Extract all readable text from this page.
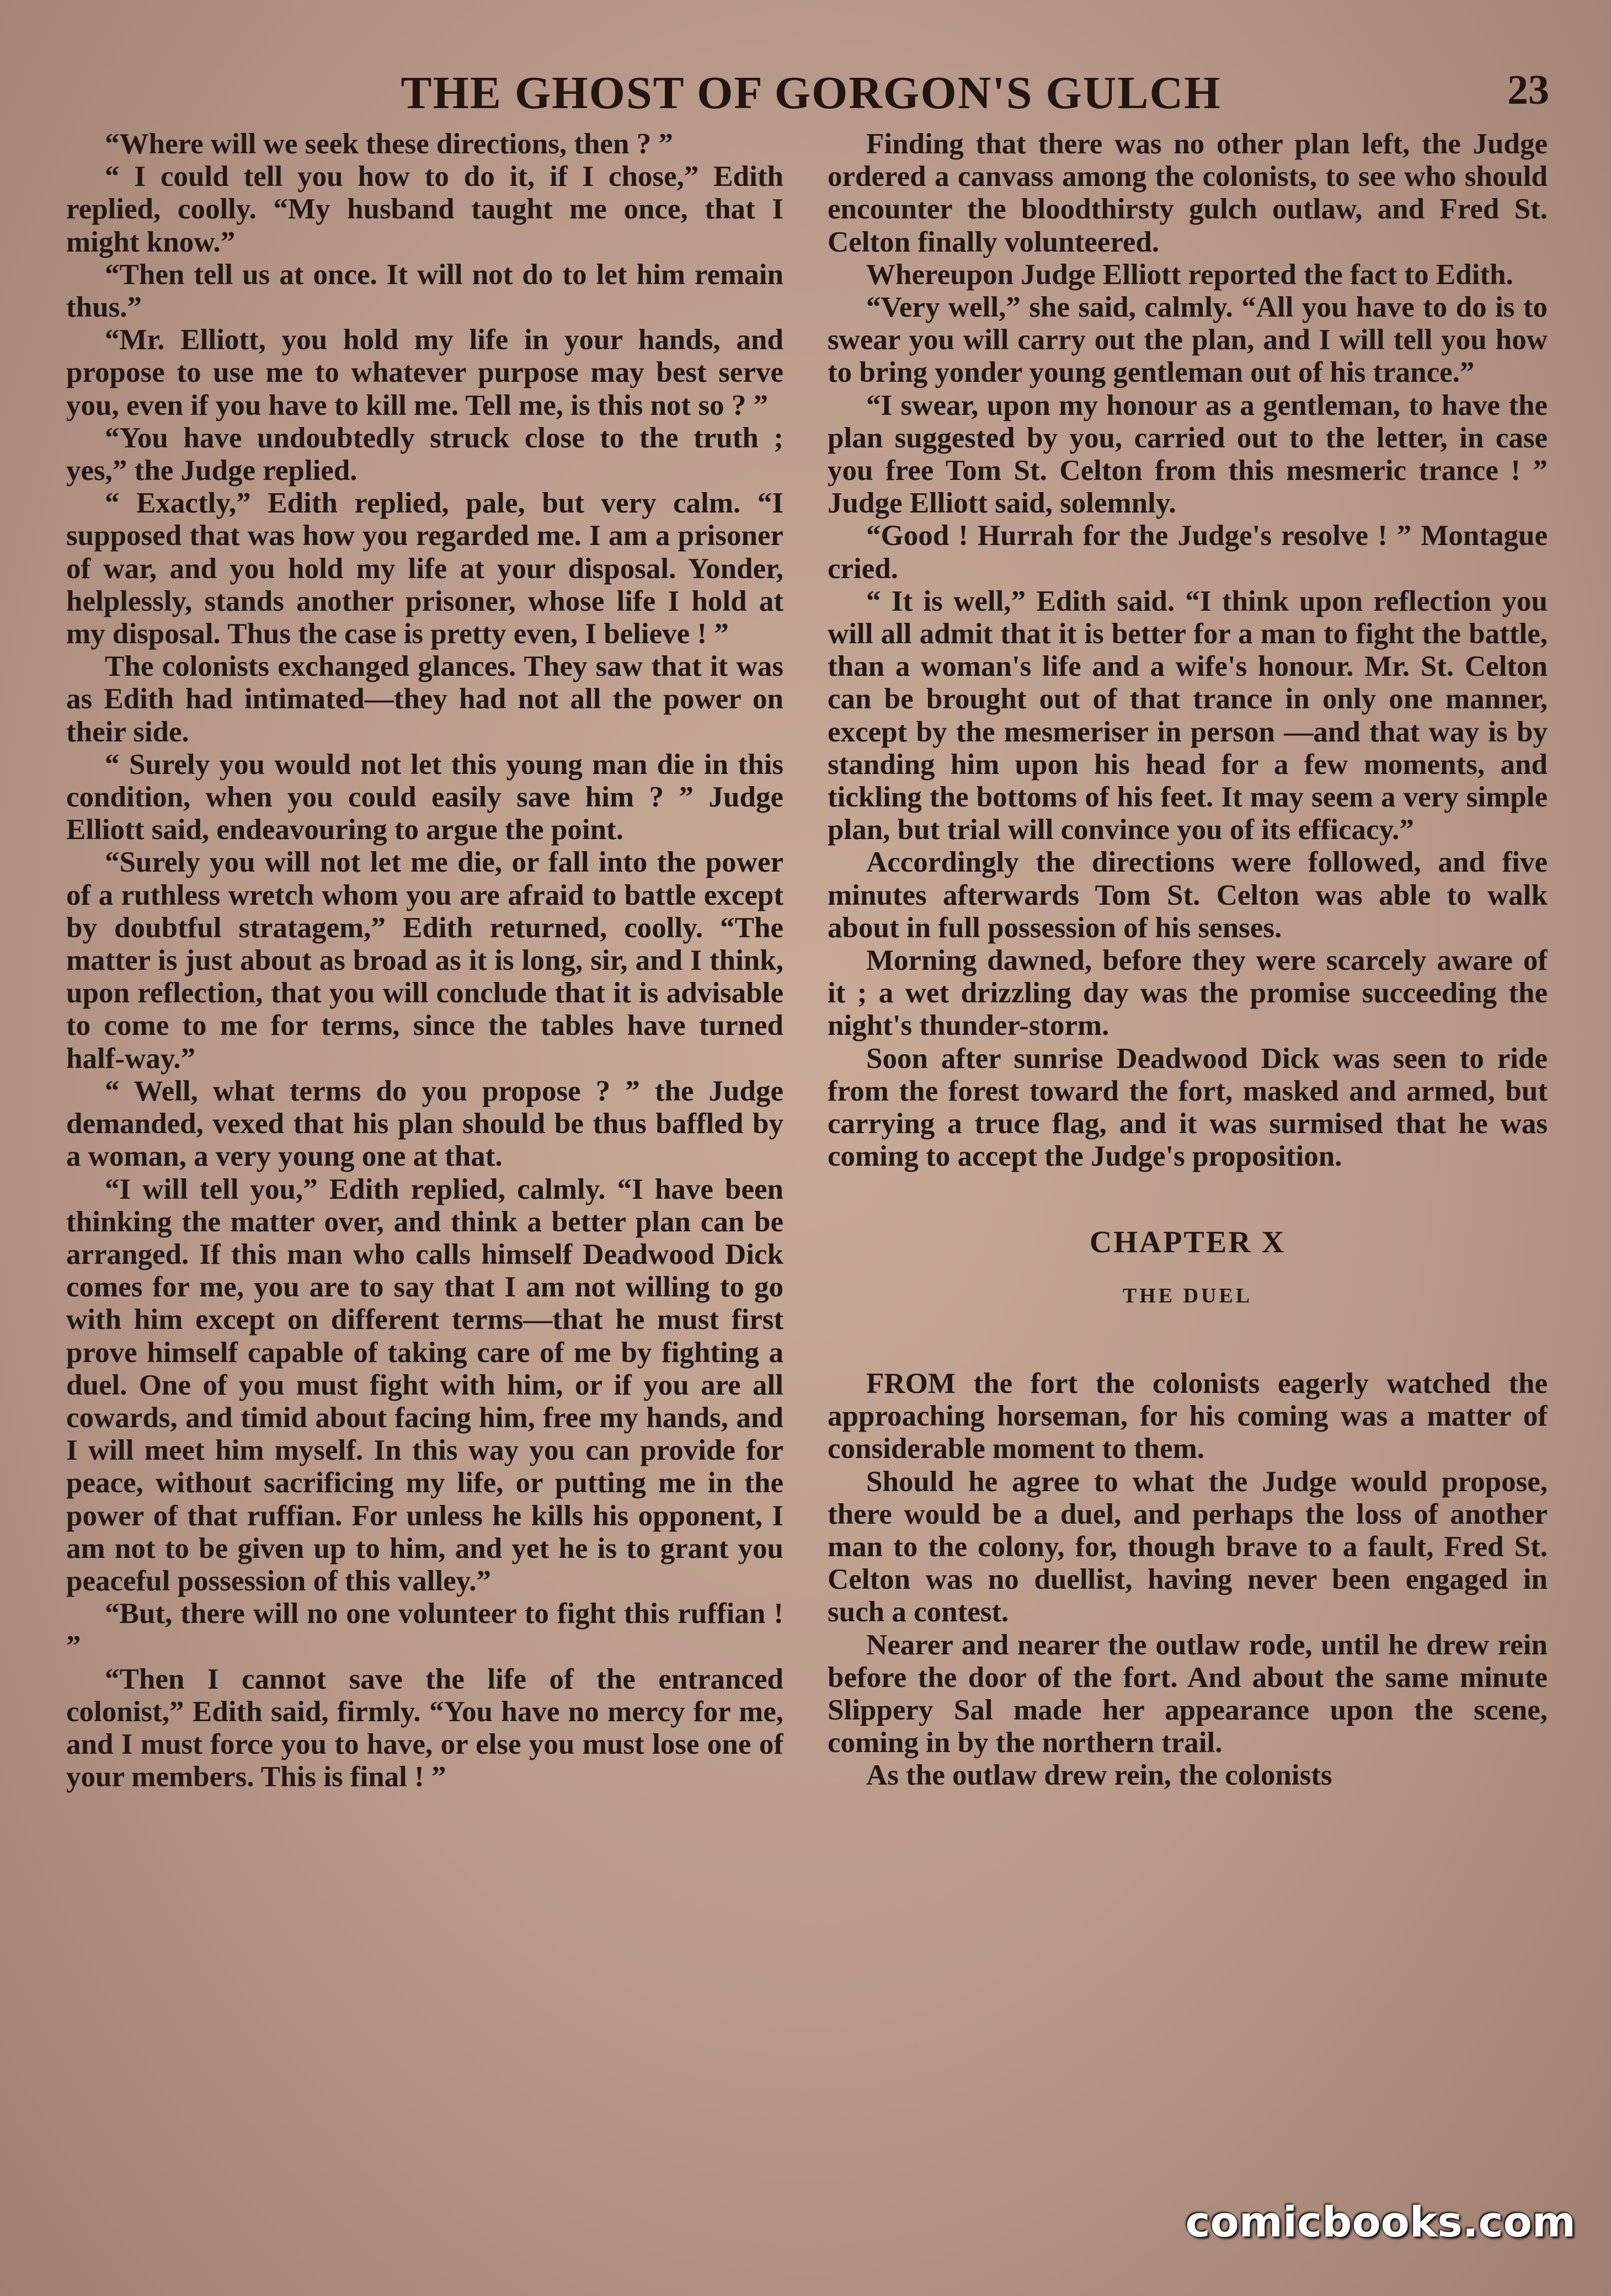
THE GHOST OF GORGON'S GULCH	23

“Where will we seek these directions, then ? ”

“ I could tell you how to do it, if I chose,” Edith replied, coolly. “My husband taught me once, that I might know.”

“Then tell us at once. It will not do to let him remain thus.”

“Mr. Elliott, you hold my life in your hands, and propose to use me to whatever purpose may best serve you, even if you have to kill me. Tell me, is this not so ? ”

“You have undoubtedly struck close to the truth ; yes,” the Judge replied.

“ Exactly,” Edith replied, pale, but very calm. “I supposed that was how you regarded me. I am a prisoner of war, and you hold my life at your disposal. Yonder, helplessly, stands another prisoner, whose life I hold at my disposal. Thus the case is pretty even, I believe ! ”

The colonists exchanged glances. They saw that it was as Edith had intimated—they had not all the power on their side.

“ Surely you would not let this young man die in this condition, when you could easily save him ? ” Judge Elliott said, endeavouring to argue the point.

“Surely you will not let me die, or fall into the power of a ruthless wretch whom you are afraid to battle except by doubtful stratagem,” Edith returned, coolly. “The matter is just about as broad as it is long, sir, and I think, upon reflection, that you will conclude that it is advisable to come to me for terms, since the tables have turned half-way.”

“ Well, what terms do you propose ? ” the Judge demanded, vexed that his plan should be thus baffled by a woman, a very young one at that.

“I will tell you,” Edith replied, calmly. “I have been thinking the matter over, and think a better plan can be arranged. If this man who calls himself Deadwood Dick comes for me, you are to say that I am not willing to go with him except on different terms—that he must first prove himself capable of taking care of me by fighting a duel. One of you must fight with him, or if you are all cowards, and timid about facing him, free my hands, and I will meet him myself. In this way you can provide for peace, without sacrificing my life, or putting me in the power of that ruffian. For unless he kills his opponent, I am not to be given up to him, and yet he is to grant you peaceful possession of this valley.”

“But, there will no one volunteer to fight this ruffian ! ”

“Then I cannot save the life of the entranced colonist,” Edith said, firmly. “You have no mercy for me, and I must force you to have, or else you must lose one of your members. This is final ! ”

Finding that there was no other plan left, the Judge ordered a canvass among the colonists, to see who should encounter the bloodthirsty gulch outlaw, and Fred St. Celton finally volunteered.

Whereupon Judge Elliott reported the fact to Edith.

“Very well,” she said, calmly. “All you have to do is to swear you will carry out the plan, and I will tell you how to bring yonder young gentleman out of his trance.”

“I swear, upon my honour as a gentleman, to have the plan suggested by you, carried out to the letter, in case you free Tom St. Celton from this mesmeric trance ! ” Judge Elliott said, solemnly.

“Good ! Hurrah for the Judge's resolve ! ” Montague cried.

“ It is well,” Edith said. “I think upon reflection you will all admit that it is better for a man to fight the battle, than a woman's life and a wife's honour. Mr. St. Celton can be brought out of that trance in only one manner, except by the mesmeriser in person —and that way is by standing him upon his head for a few moments, and tickling the bottoms of his feet. It may seem a very simple plan, but trial will convince you of its efficacy.”

Accordingly the directions were followed, and five minutes afterwards Tom St. Celton was able to walk about in full possession of his senses.

Morning dawned, before they were scarcely aware of it ; a wet drizzling day was the promise succeeding the night's thunder-storm.

Soon after sunrise Deadwood Dick was seen to ride from the forest toward the fort, masked and armed, but carrying a truce flag, and it was surmised that he was coming to accept the Judge's proposition.

CHAPTER X
THE DUEL

FROM the fort the colonists eagerly watched the approaching horseman, for his coming was a matter of considerable moment to them.

Should he agree to what the Judge would propose, there would be a duel, and perhaps the loss of another man to the colony, for, though brave to a fault, Fred St. Celton was no duellist, having never been engaged in such a contest.

Nearer and nearer the outlaw rode, until he drew rein before the door of the fort. And about the same minute Slippery Sal made her appearance upon the scene, coming in by the northern trail.

As the outlaw drew rein, the colonists

comicbooks.com
